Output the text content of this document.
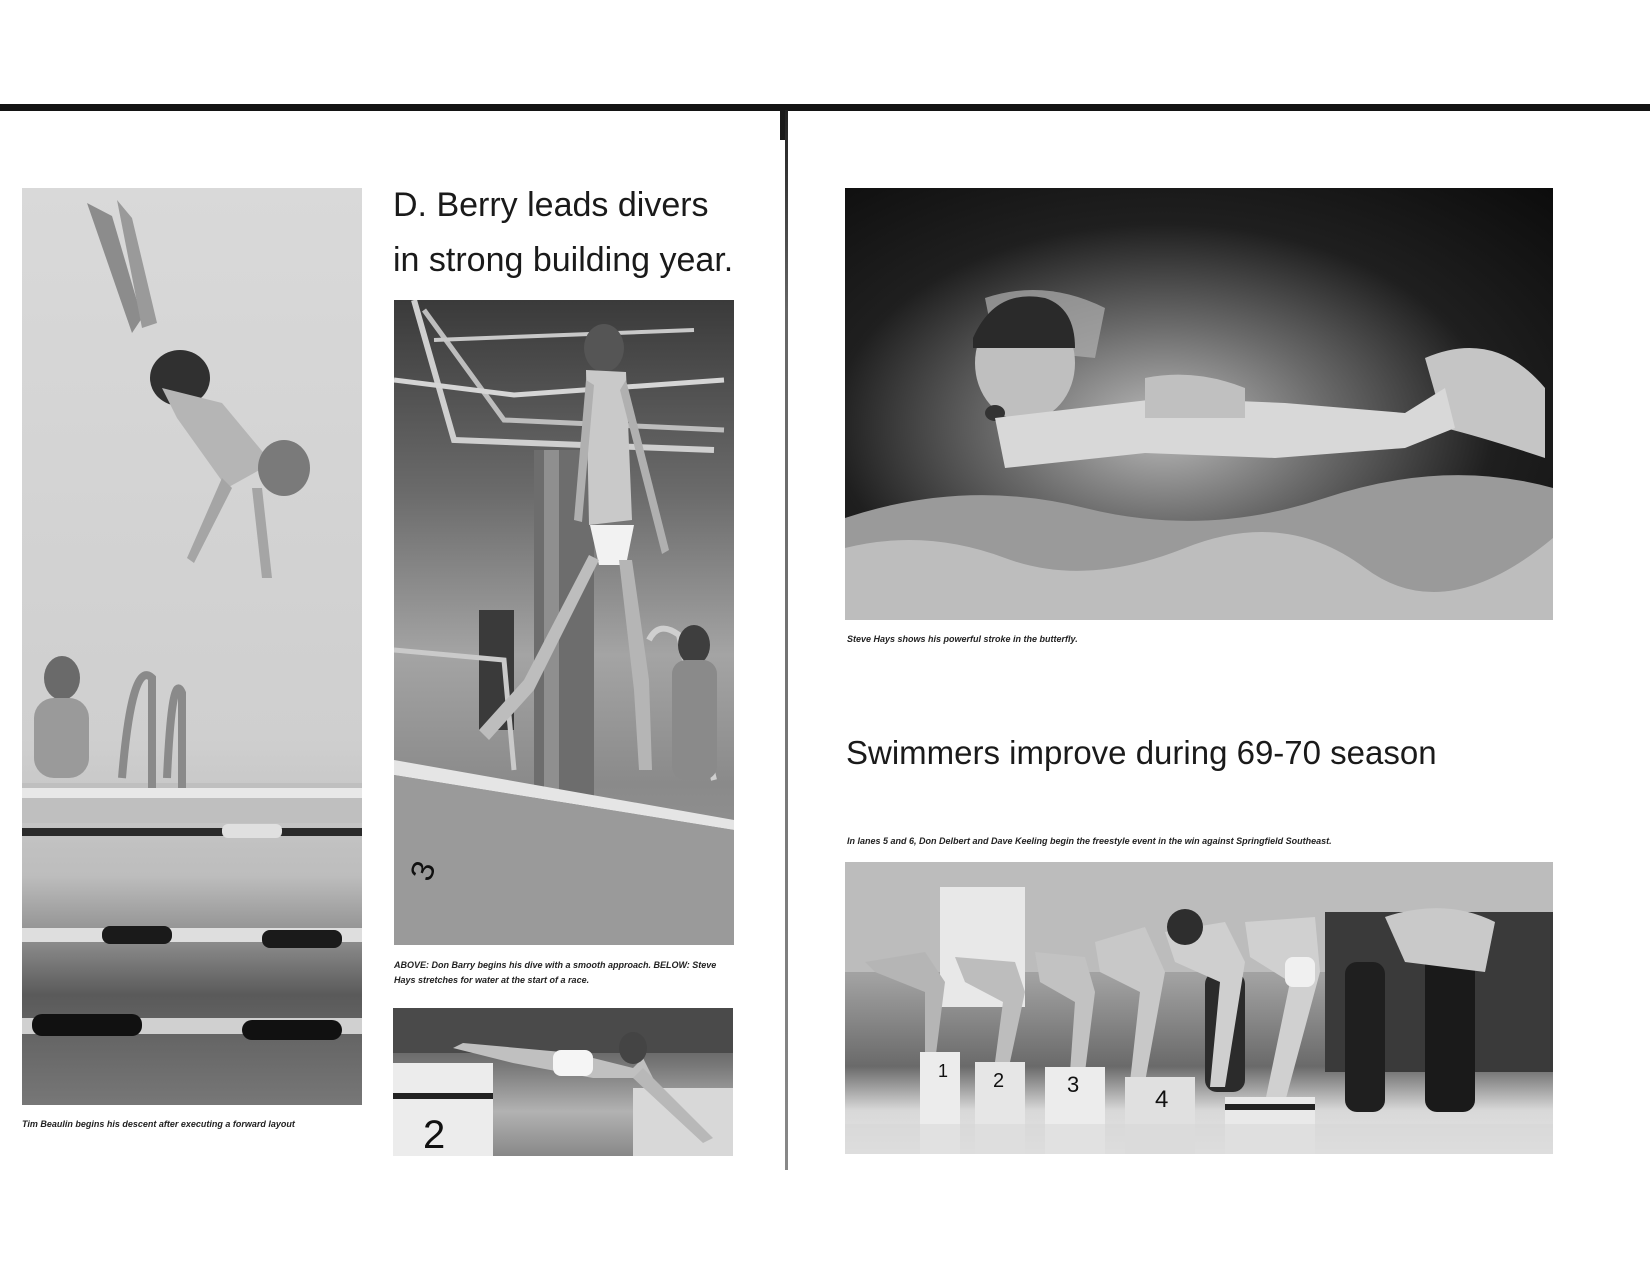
D. Berry leads divers
in strong building year.

3

ABOVE: Don Barry begins his dive with a smooth approach. BELOW: Steve Hays stretches for water at the start of a race.

2

Tim Beaulin begins his descent after executing a forward layout

Steve Hays shows his powerful stroke in the butterfly.

Swimmers improve during 69-70 season

In lanes 5 and 6, Don Delbert and Dave Keeling begin the freestyle event in the win against Springfield Southeast.

1 2	3
4
